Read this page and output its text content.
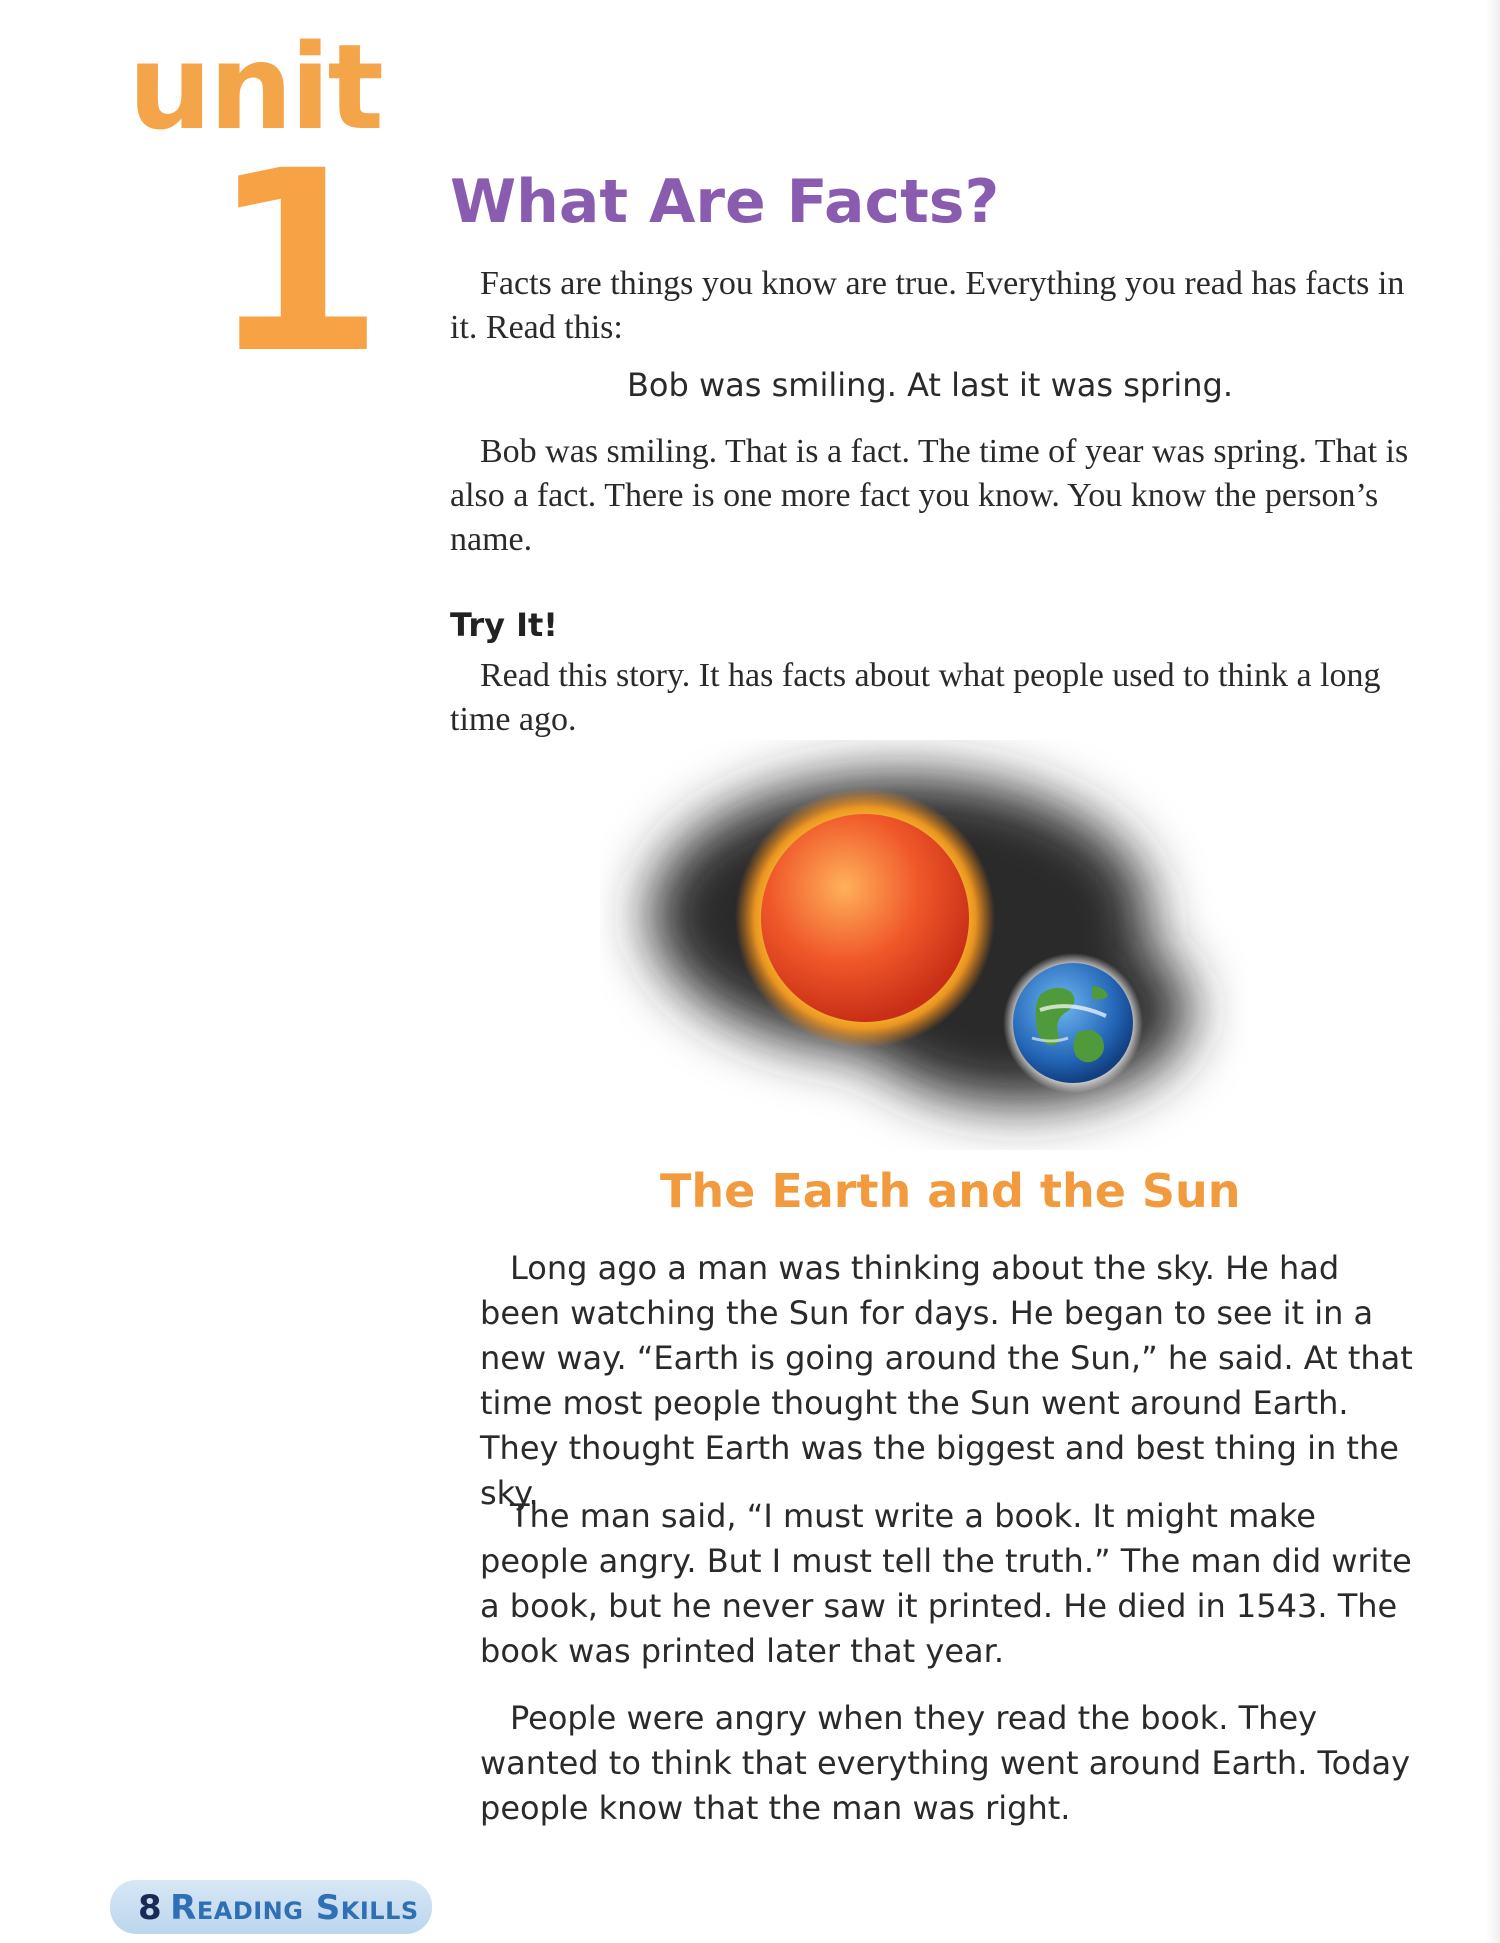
unit
1 What Are Facts?

Facts are things you know are true. Everything you read has facts in it. Read this:

Bob was smiling. At last it was spring.

Bob was smiling. That is a fact. The time of year was spring. That is also a fact. There is one more fact you know. You know the person’s name.

Try It!

Read this story. It has facts about what people used to think a long time ago.

The Earth and the Sun

Long ago a man was thinking about the sky. He had been watching the Sun for days. He began to see it in a new way. “Earth is going around the Sun,” he said. At that time most people thought the Sun went around Earth. They thought Earth was the biggest and best thing in the sky.

The man said, “I must write a book. It might make people angry. But I must tell the truth.” The man did write a book, but he never saw it printed. He died in 1543. The book was printed later that year.

People were angry when they read the book. They wanted to think that everything went around Earth. Today people know that the man was right.

8 Reading Skills
